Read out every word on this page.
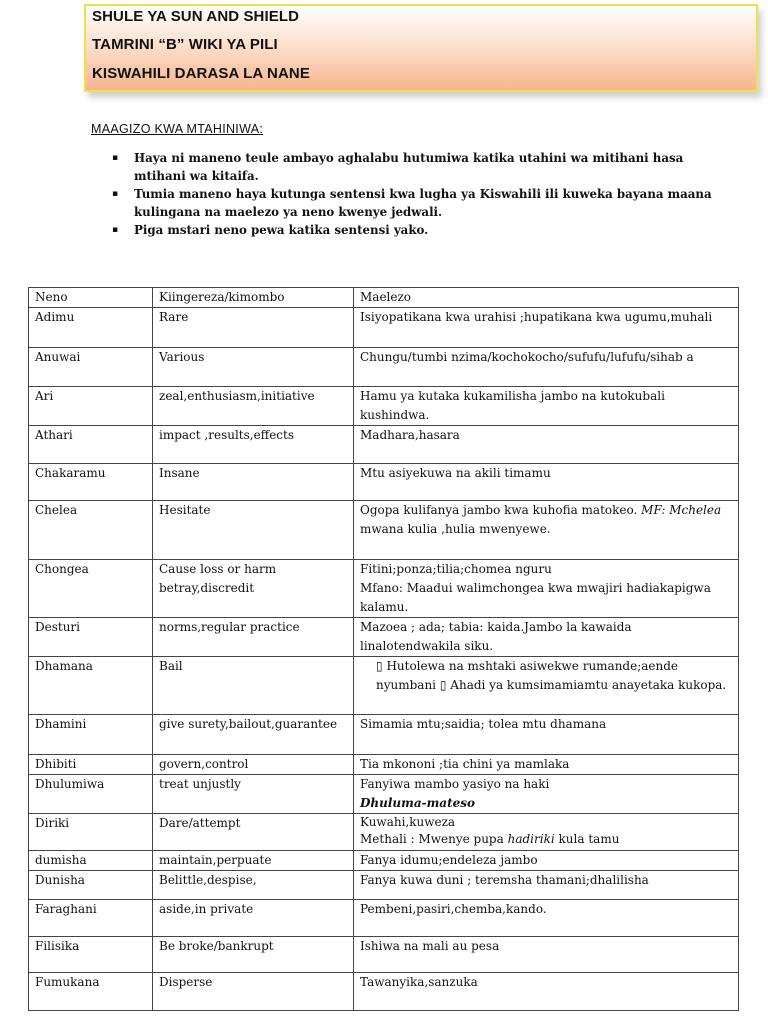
SHULE YA SUN AND SHIELD
TAMRINI “B” WIKI YA PILI
KISWAHILI DARASA LA NANE
MAAGIZO KWA MTAHINIWA:
▪ Haya ni maneno teule ambayo aghalabu hutumiwa katika utahini wa mitihani hasa mtihani wa kitaifa.
▪ Tumia maneno haya kutunga sentensi kwa lugha ya Kiswahili ili kuweka bayana maana kulingana na maelezo ya neno kwenye jedwali.
▪ Piga mstari neno pewa katika sentensi yako.
Neno	Kiingereza/kimombo	Maelezo
Adimu	Rare	Isiyopatikana kwa urahisi ;hupatikana kwa ugumu,muhali
Anuwai	Various	Chungu/tumbi nzima/kochokocho/sufufu/lufufu/sihab a
Ari	zeal,enthusiasm,initiative	Hamu ya kutaka kukamilisha jambo na kutokubali kushindwa.
Athari	impact ,results,effects	Madhara,hasara
Chakaramu	Insane	Mtu asiyekuwa na akili timamu
Chelea	Hesitate	Ogopa kulifanya jambo kwa kuhofia matokeo. MF: Mchelea mwana kulia ,hulia mwenyewe.
Chongea	Cause loss or harm betray,discredit	Fitini;ponza;tilia;chomea nguru
Mfano: Maadui walimchongea kwa mwajiri hadiakapigwa kalamu.

Desturi	norms,regular practice	Mazoea ; ada; tabia: kaida.Jambo la kawaida linalotendwakila siku.
Dhamana	Bail	▯ Hutolewa na mshtaki asiwekwe rumande;aende nyumbani ▯ Ahadi ya kumsimamiamtu anayetaka kukopa.
Dhamini	give surety,bailout,guarantee	Simamia mtu;saidia; tolea mtu dhamana
Dhibiti	govern,control	Tia mkononi ;tia chini ya mamlaka
Dhulumiwa	treat unjustly	Fanyiwa mambo yasiyo na haki
Dhuluma-mateso

Diriki	Dare/attempt	Kuwahi,kuweza
Methali : Mwenye pupa hadiriki kula tamu

dumisha	maintain,perpuate	Fanya idumu;endeleza jambo
Dunisha	Belittle,despise,	Fanya kuwa duni ; teremsha thamani;dhalilisha
Faraghani	aside,in private	Pembeni,pasiri,chemba,kando.
Filisika	Be broke/bankrupt	Ishiwa na mali au pesa
Fumukana	Disperse	Tawanyika,sanzuka
